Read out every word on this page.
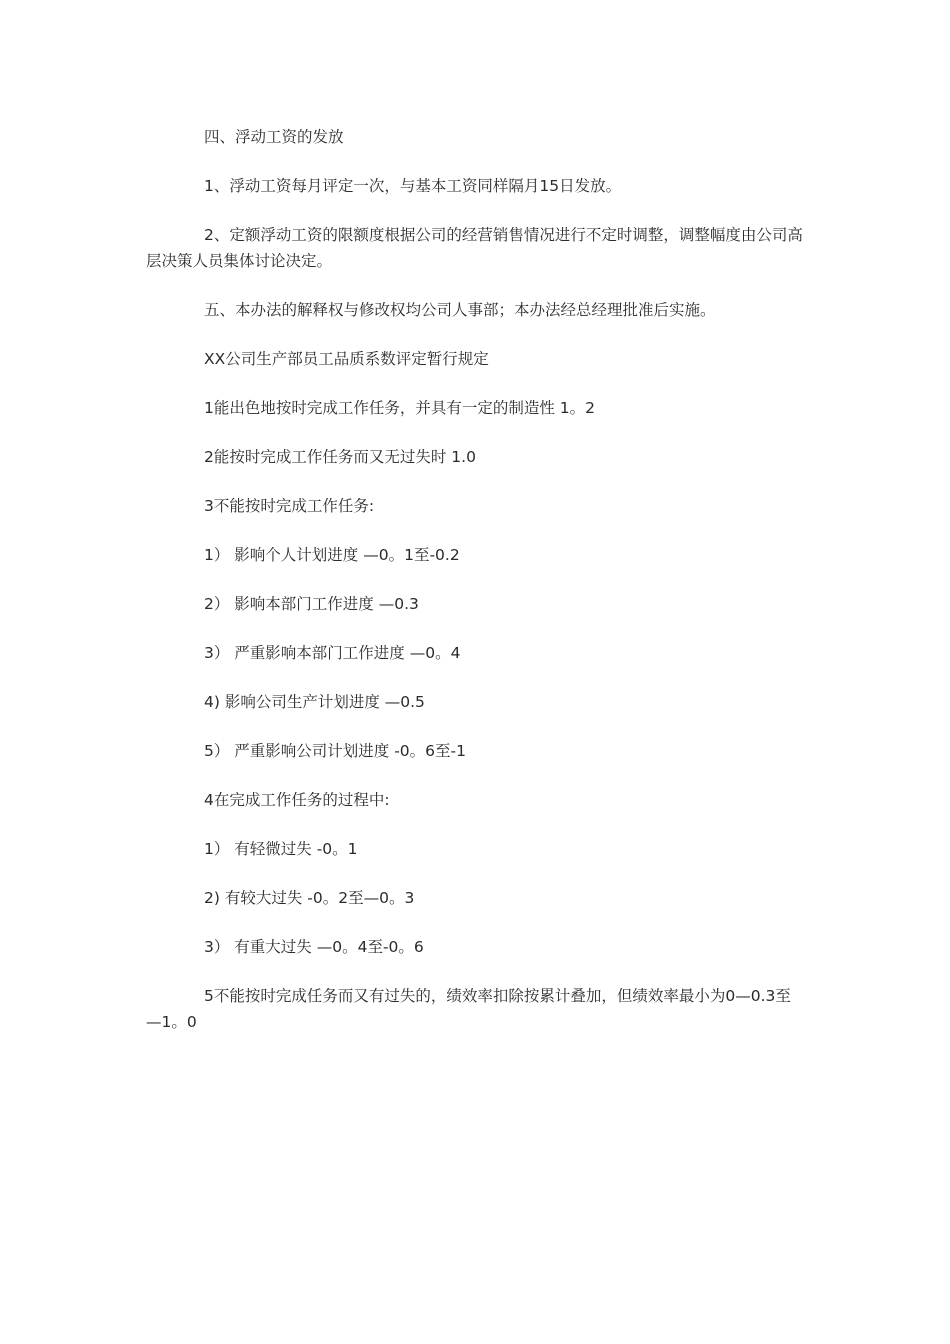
四、浮动工资的发放

1、浮动工资每月评定一次，与基本工资同样隔月15日发放。

2、定额浮动工资的限额度根据公司的经营销售情况进行不定时调整，调整幅度由公司高层决策人员集体讨论决定。

五、本办法的解释权与修改权均公司人事部；本办法经总经理批准后实施。

XX公司生产部员工品质系数评定暂行规定

1能出色地按时完成工作任务，并具有一定的制造性 1。2

2能按时完成工作任务而又无过失时 1.0

3不能按时完成工作任务:

1） 影响个人计划进度 —0。1至-0.2

2） 影响本部门工作进度 —0.3

3） 严重影响本部门工作进度 —0。4

4) 影响公司生产计划进度 —0.5

5） 严重影响公司计划进度 -0。6至-1

4在完成工作任务的过程中:

1） 有轻微过失 -0。1

2) 有较大过失 -0。2至—0。3

3） 有重大过失 —0。4至-0。6

5不能按时完成任务而又有过失的，绩效率扣除按累计叠加，但绩效率最小为0—0.3至—1。0
